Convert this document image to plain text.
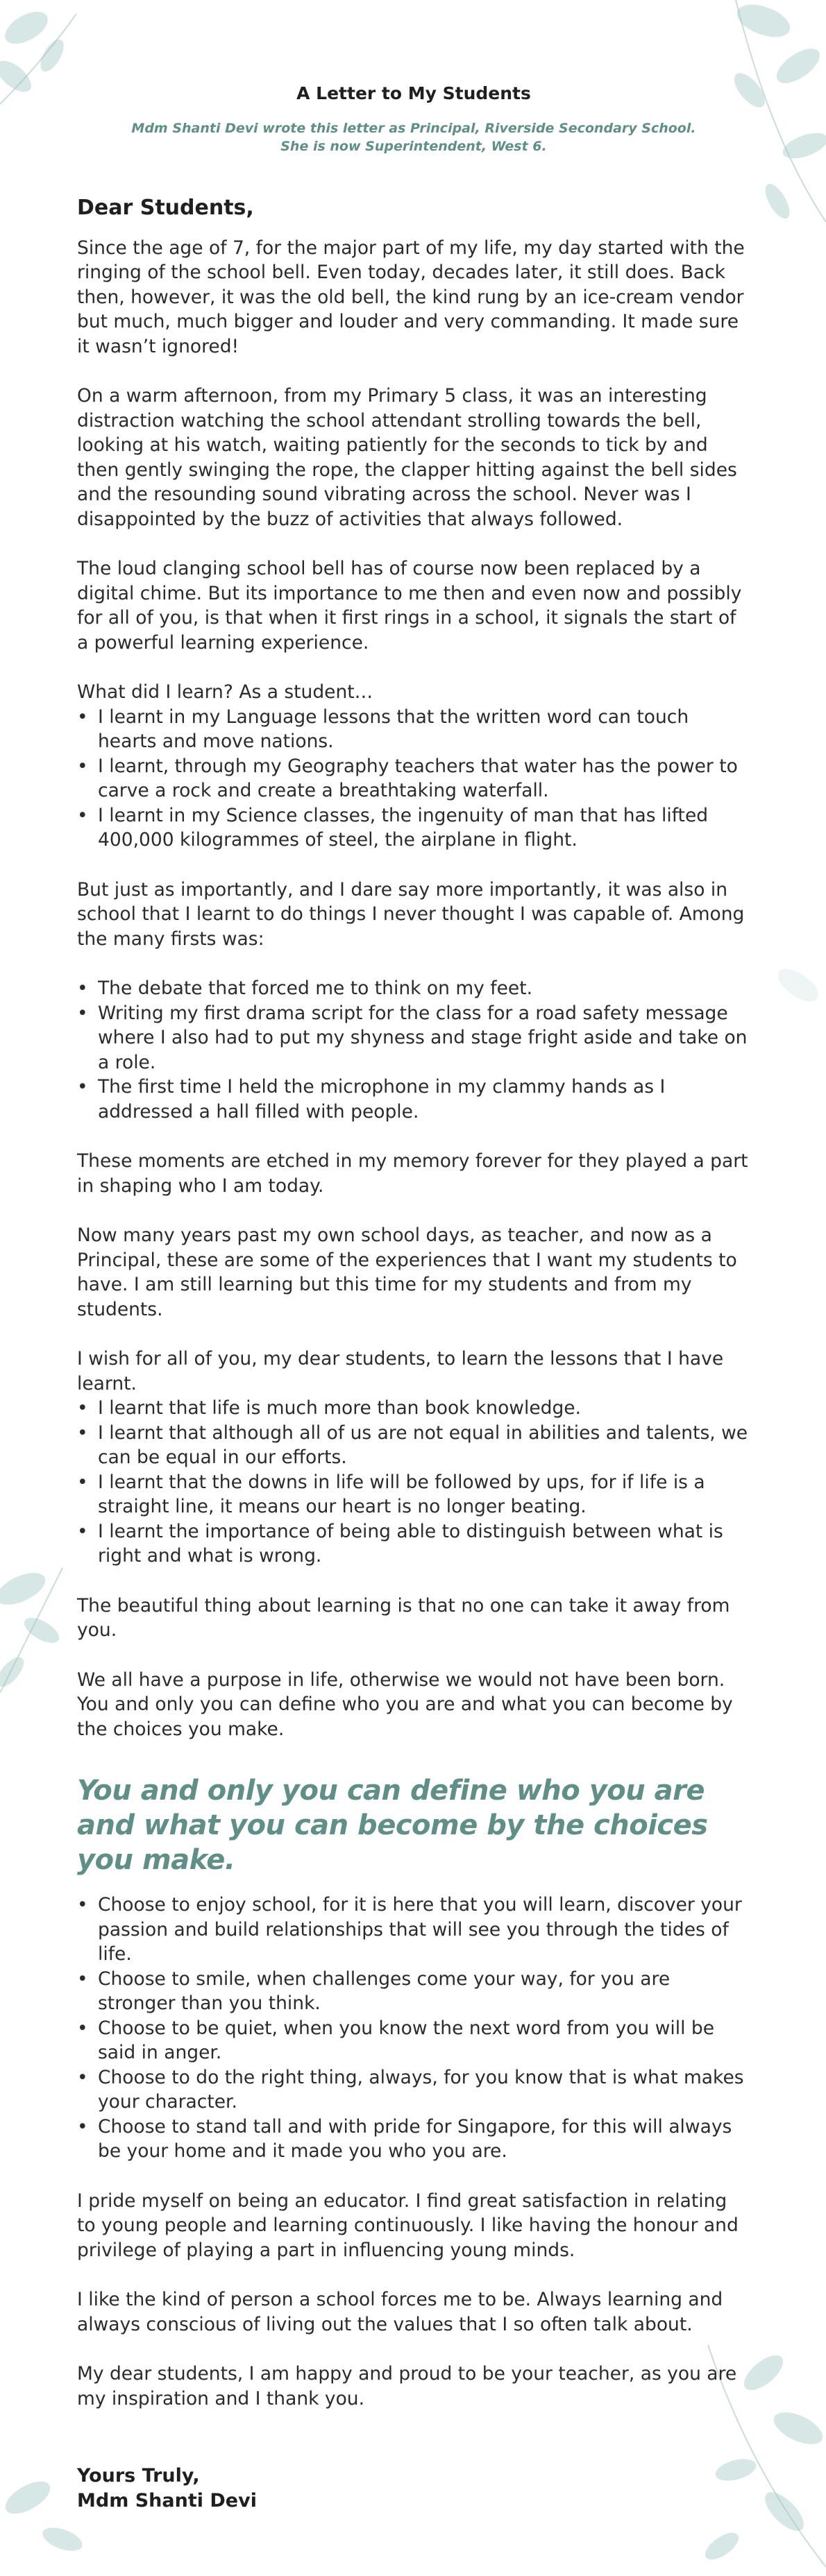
A Letter to My Students

Mdm Shanti Devi wrote this letter as Principal, Riverside Secondary School.
She is now Superintendent, West 6.

Dear Students,

Since the age of 7, for the major part of my life, my day started with the ringing of the school bell. Even today, decades later, it still does. Back then, however, it was the old bell, the kind rung by an ice-cream vendor but much, much bigger and louder and very commanding. It made sure it wasn’t ignored!

On a warm afternoon, from my Primary 5 class, it was an interesting distraction watching the school attendant strolling towards the bell, looking at his watch, waiting patiently for the seconds to tick by and then gently swinging the rope, the clapper hitting against the bell sides and the resounding sound vibrating across the school. Never was I disappointed by the buzz of activities that always followed.

The loud clanging school bell has of course now been replaced by a digital chime. But its importance to me then and even now and possibly for all of you, is that when it first rings in a school, it signals the start of a powerful learning experience.

What did I learn? As a student…

• I learnt in my Language lessons that the written word can touch hearts and move nations.
• I learnt, through my Geography teachers that water has the power to carve a rock and create a breathtaking waterfall.
• I learnt in my Science classes, the ingenuity of man that has lifted 400,000 kilogrammes of steel, the airplane in flight.

But just as importantly, and I dare say more importantly, it was also in school that I learnt to do things I never thought I was capable of. Among the many firsts was:

• The debate that forced me to think on my feet.
• Writing my first drama script for the class for a road safety message where I also had to put my shyness and stage fright aside and take on a role.
• The first time I held the microphone in my clammy hands as I addressed a hall filled with people.

These moments are etched in my memory forever for they played a part in shaping who I am today.

Now many years past my own school days, as teacher, and now as a Principal, these are some of the experiences that I want my students to have. I am still learning but this time for my students and from my students.

I wish for all of you, my dear students, to learn the lessons that I have learnt.

• I learnt that life is much more than book knowledge.
• I learnt that although all of us are not equal in abilities and talents, we can be equal in our efforts.
• I learnt that the downs in life will be followed by ups, for if life is a straight line, it means our heart is no longer beating.
• I learnt the importance of being able to distinguish between what is right and what is wrong.

The beautiful thing about learning is that no one can take it away from you.

We all have a purpose in life, otherwise we would not have been born. You and only you can define who you are and what you can become by the choices you make.

You and only you can define who you are and what you can become by the choices you make.

• Choose to enjoy school, for it is here that you will learn, discover your passion and build relationships that will see you through the tides of life.
• Choose to smile, when challenges come your way, for you are stronger than you think.
• Choose to be quiet, when you know the next word from you will be said in anger.
• Choose to do the right thing, always, for you know that is what makes your character.
• Choose to stand tall and with pride for Singapore, for this will always be your home and it made you who you are.

I pride myself on being an educator. I find great satisfaction in relating to young people and learning continuously. I like having the honour and privilege of playing a part in influencing young minds.

I like the kind of person a school forces me to be. Always learning and always conscious of living out the values that I so often talk about.

My dear students, I am happy and proud to be your teacher, as you are my inspiration and I thank you.

Yours Truly,
Mdm Shanti Devi
